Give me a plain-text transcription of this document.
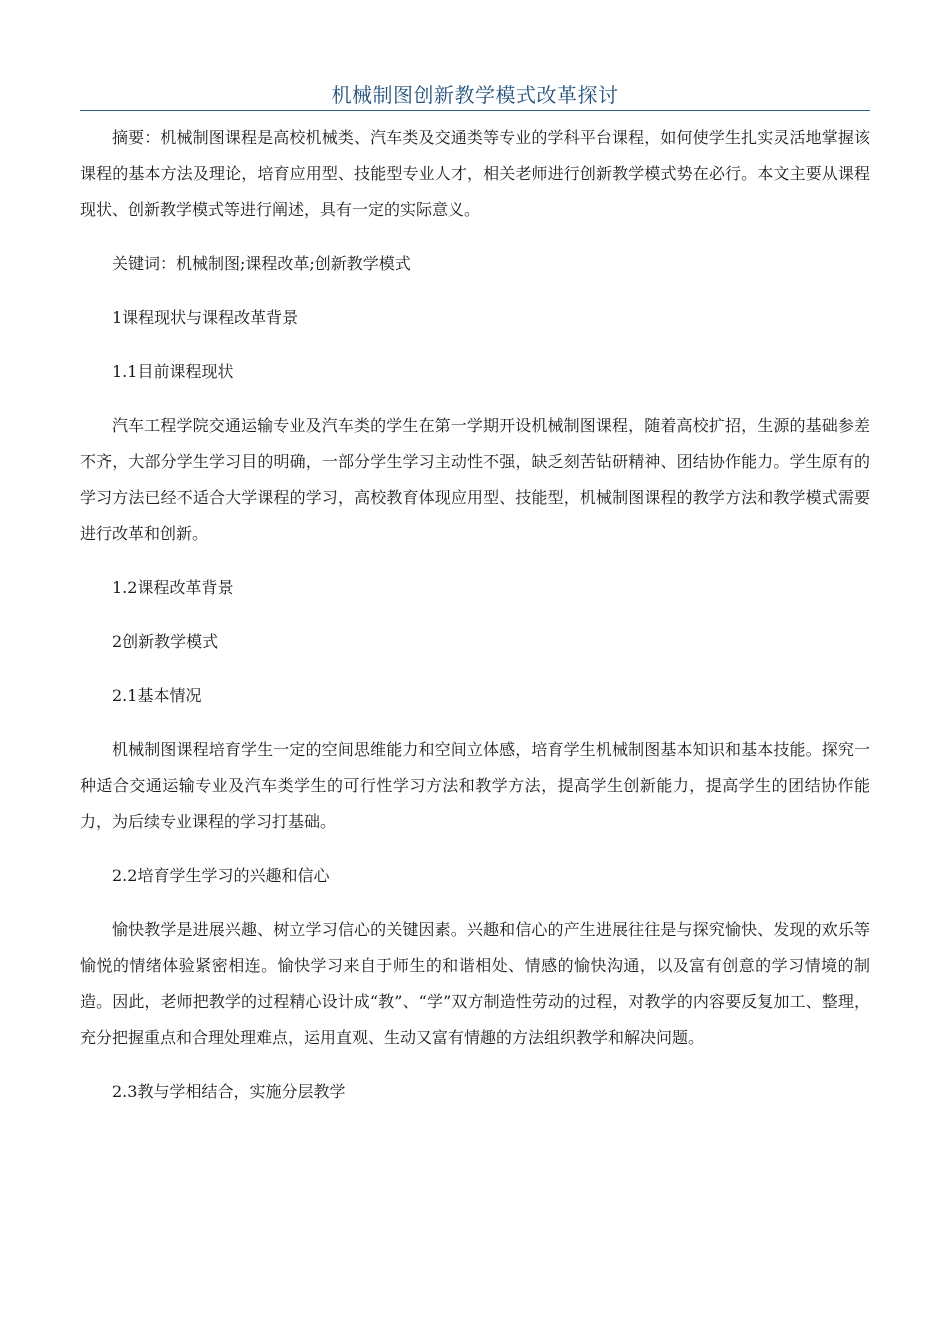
机械制图创新教学模式改革探讨

摘要：机械制图课程是高校机械类、汽车类及交通类等专业的学科平台课程，如何使学生扎实灵活地掌握该课程的基本方法及理论，培育应用型、技能型专业人才，相关老师进行创新教学模式势在必行。本文主要从课程现状、创新教学模式等进行阐述，具有一定的实际意义。

关键词：机械制图;课程改革;创新教学模式

1课程现状与课程改革背景

1.1目前课程现状

汽车工程学院交通运输专业及汽车类的学生在第一学期开设机械制图课程，随着高校扩招，生源的基础参差不齐，大部分学生学习目的明确，一部分学生学习主动性不强，缺乏刻苦钻研精神、团结协作能力。学生原有的学习方法已经不适合大学课程的学习，高校教育体现应用型、技能型，机械制图课程的教学方法和教学模式需要进行改革和创新。

1.2课程改革背景

2创新教学模式

2.1基本情况

机械制图课程培育学生一定的空间思维能力和空间立体感，培育学生机械制图基本知识和基本技能。探究一种适合交通运输专业及汽车类学生的可行性学习方法和教学方法，提高学生创新能力，提高学生的团结协作能力，为后续专业课程的学习打基础。

2.2培育学生学习的兴趣和信心

愉快教学是进展兴趣、树立学习信心的关键因素。兴趣和信心的产生进展往往是与探究愉快、发现的欢乐等愉悦的情绪体验紧密相连。愉快学习来自于师生的和谐相处、情感的愉快沟通，以及富有创意的学习情境的制造。因此，老师把教学的过程精心设计成“教”、“学”双方制造性劳动的过程，对教学的内容要反复加工、整理，充分把握重点和合理处理难点，运用直观、生动又富有情趣的方法组织教学和解决问题。

2.3教与学相结合，实施分层教学
